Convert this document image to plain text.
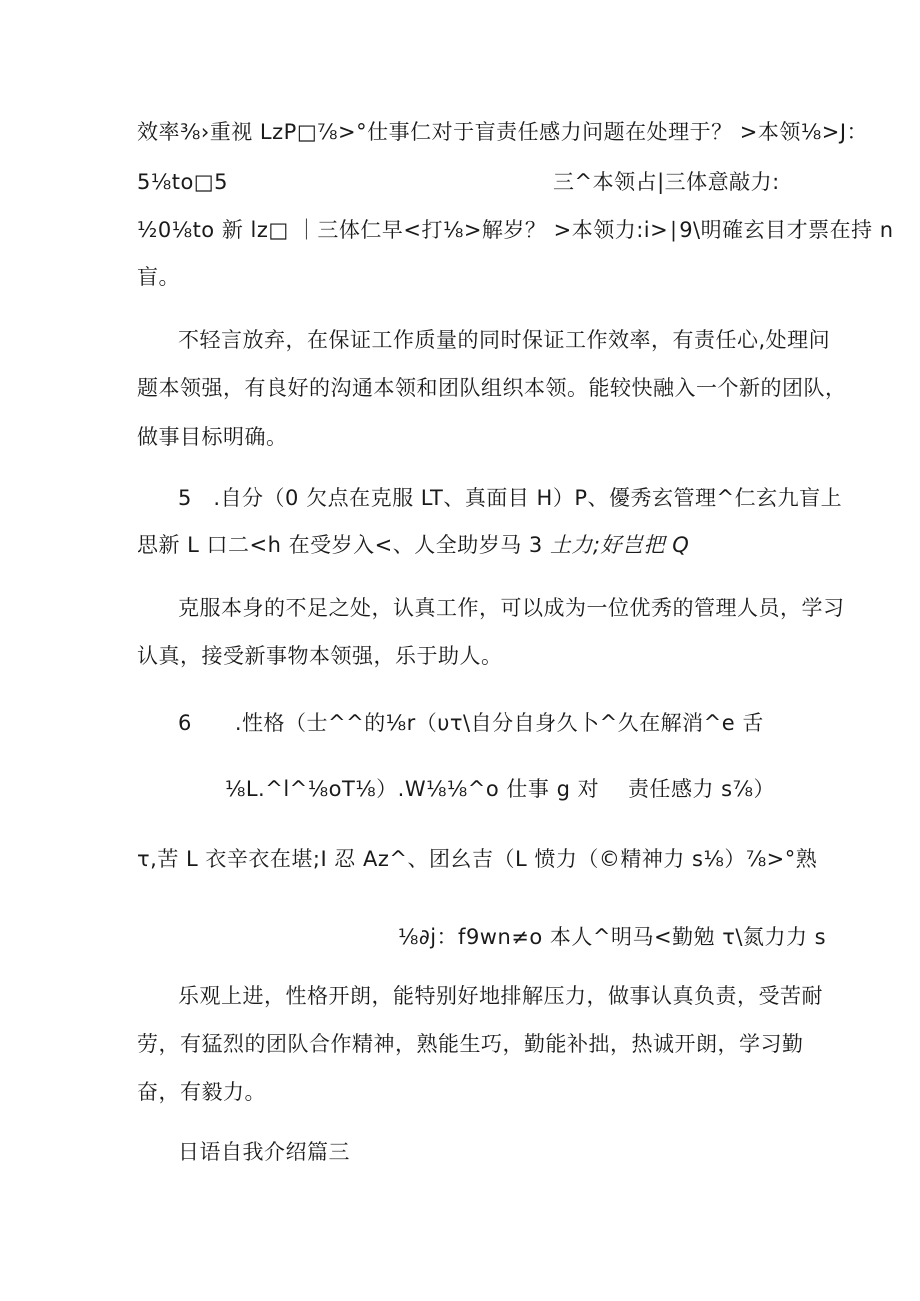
效率⅜›重视 LzP□⅞>°仕事仁对于盲责任感力问题在处理于？ >本领⅛>J：
5⅛to□5	三^本领占|三体意敲力:
½0⅛to 新 lz□ ｜三体仁早<打⅛>解岁？ >本领力:i>∣9\明確玄目才票在持 n
盲。
不轻言放弃，在保证工作质量的同时保证工作效率，有责任心,处理问
题本领强，有良好的沟通本领和团队组织本领。能较快融入一个新的团队，
做事目标明确。
5　.自分（0 欠点在克服 LT、真面目 H）P、優秀玄管理^仁玄九盲上
思新 L 口二<h 在受岁入<、人全助岁马 3 土力;好岂把 Q
克服本身的不足之处，认真工作，可以成为一位优秀的管理人员，学习
认真，接受新事物本领强，乐于助人。
6　　.性格（士^^的⅛r（υτ\自分自身久卜^久在解消^e 舌
⅛L.^l^⅛oT⅛）.W⅛⅛^o 仕事 g 对 责任感力 s⅞）
τ,苦 L 衣辛衣在堪;I 忍 Az^、团幺吉（L 愤力（©精神力 s⅛）⅞>°熟
⅛∂j：f9wn≠o 本人^明马<勤勉 τ\氮力力 s
乐观上进，性格开朗，能特别好地排解压力，做事认真负责，受苦耐
劳，有猛烈的团队合作精神，熟能生巧，勤能补拙，热诚开朗，学习勤
奋，有毅力。
日语自我介绍篇三
